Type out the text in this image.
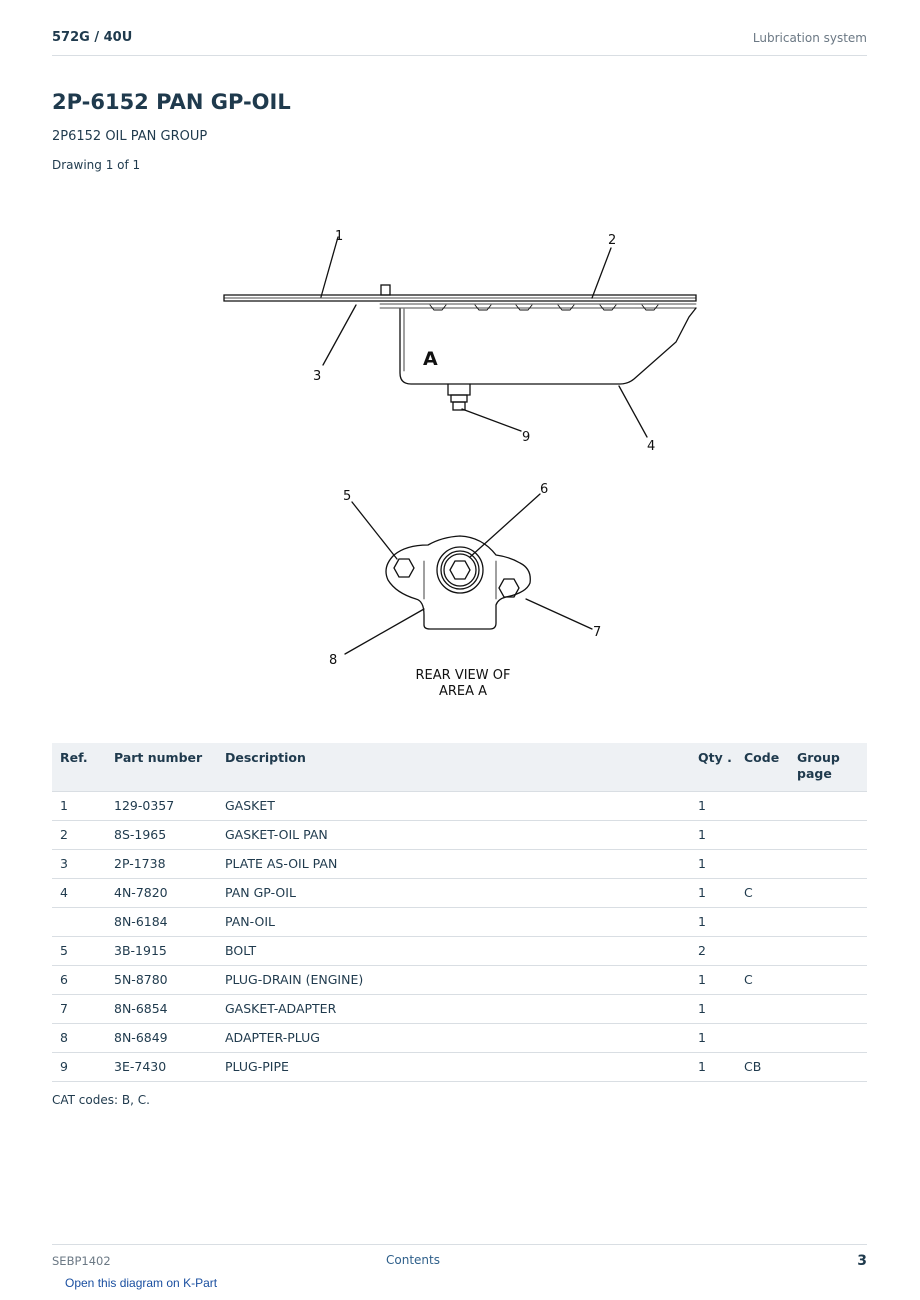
572G / 40U	Lubrication system
2P-6152 PAN GP-OIL
2P6152 OIL PAN GROUP
Drawing 1 of 1
A
1	2
3
4
5	6
7
8
9
REAR VIEW OF
AREA A
Ref.	Part number	Description	Qty .	Code	Group page
1	129-0357	GASKET	1		
2	8S-1965	GASKET-OIL PAN	1		
3	2P-1738	PLATE AS-OIL PAN	1		
4	4N-7820	PAN GP-OIL	1	C	
	8N-6184	PAN-OIL	1		
5	3B-1915	BOLT	2		
6	5N-8780	PLUG-DRAIN (ENGINE)	1	C	
7	8N-6854	GASKET-ADAPTER	1		
8	8N-6849	ADAPTER-PLUG	1		
9	3E-7430	PLUG-PIPE	1	CB	
CAT codes: B, C.
SEBP1402	Contents	3
Open this diagram on K-Part
